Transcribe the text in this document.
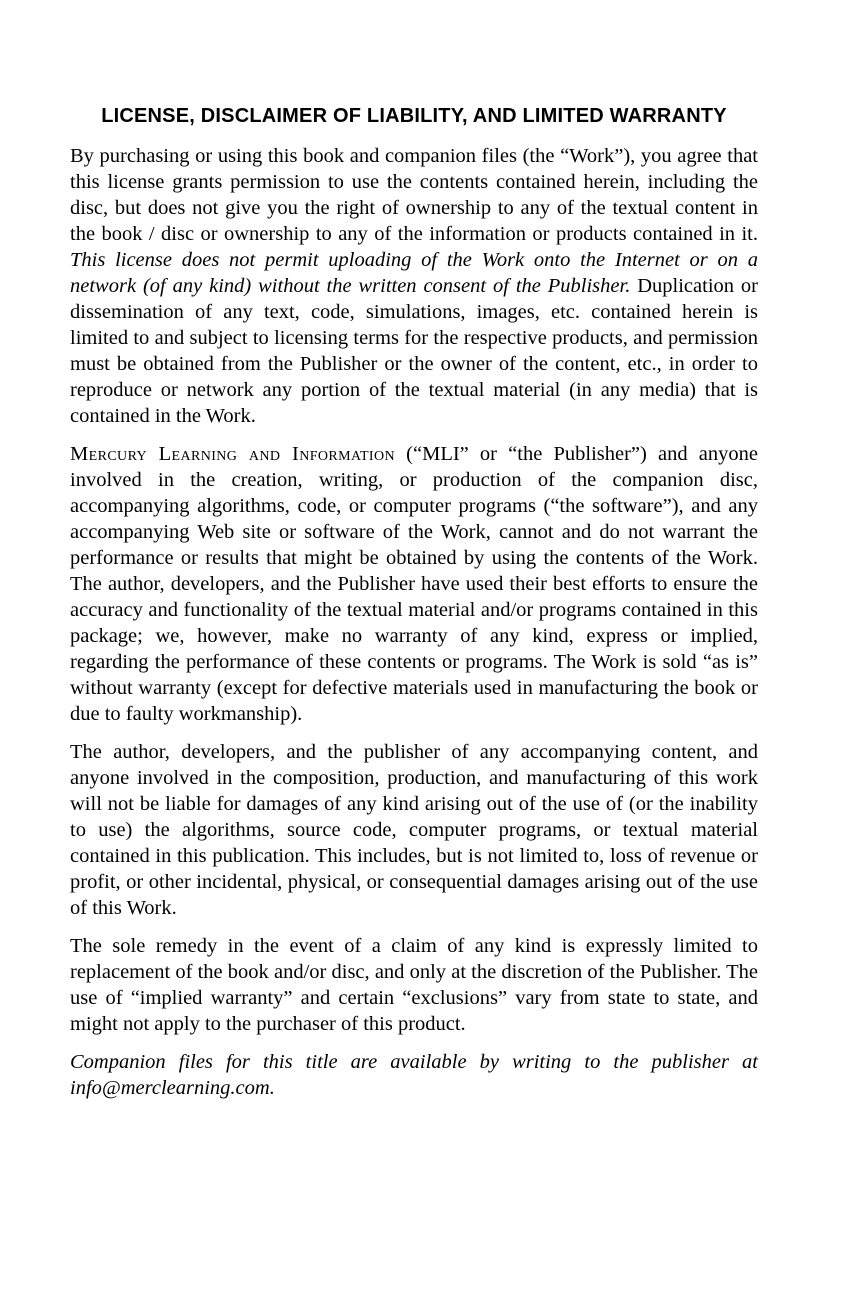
LICENSE, DISCLAIMER OF LIABILITY, AND LIMITED WARRANTY

By purchasing or using this book and companion files (the “Work”), you agree that this license grants permission to use the contents contained herein, including the disc, but does not give you the right of ownership to any of the textual content in the book / disc or ownership to any of the information or products contained in it. This license does not permit uploading of the Work onto the Internet or on a network (of any kind) without the written consent of the Publisher. Duplication or dissemination of any text, code, simulations, images, etc. contained herein is limited to and subject to licensing terms for the respective products, and permission must be obtained from the Publisher or the owner of the content, etc., in order to reproduce or network any portion of the textual material (in any media) that is contained in the Work.

Mercury Learning and Information (“MLI” or “the Publisher”) and anyone involved in the creation, writing, or production of the companion disc, accompanying algorithms, code, or computer programs (“the software”), and any accompanying Web site or software of the Work, cannot and do not warrant the performance or results that might be obtained by using the contents of the Work. The author, developers, and the Publisher have used their best efforts to ensure the accuracy and functionality of the textual material and/or programs contained in this package; we, however, make no warranty of any kind, express or implied, regarding the performance of these contents or programs. The Work is sold “as is” without warranty (except for defective materials used in manufacturing the book or due to faulty workmanship).

The author, developers, and the publisher of any accompanying content, and anyone involved in the composition, production, and manufacturing of this work will not be liable for damages of any kind arising out of the use of (or the inability to use) the algorithms, source code, computer programs, or textual material contained in this publication. This includes, but is not limited to, loss of revenue or profit, or other incidental, physical, or consequential damages arising out of the use of this Work.

The sole remedy in the event of a claim of any kind is expressly limited to replacement of the book and/or disc, and only at the discretion of the Publisher. The use of “implied warranty” and certain “exclusions” vary from state to state, and might not apply to the purchaser of this product.

Companion files for this title are available by writing to the publisher at info@merclearning.com.
